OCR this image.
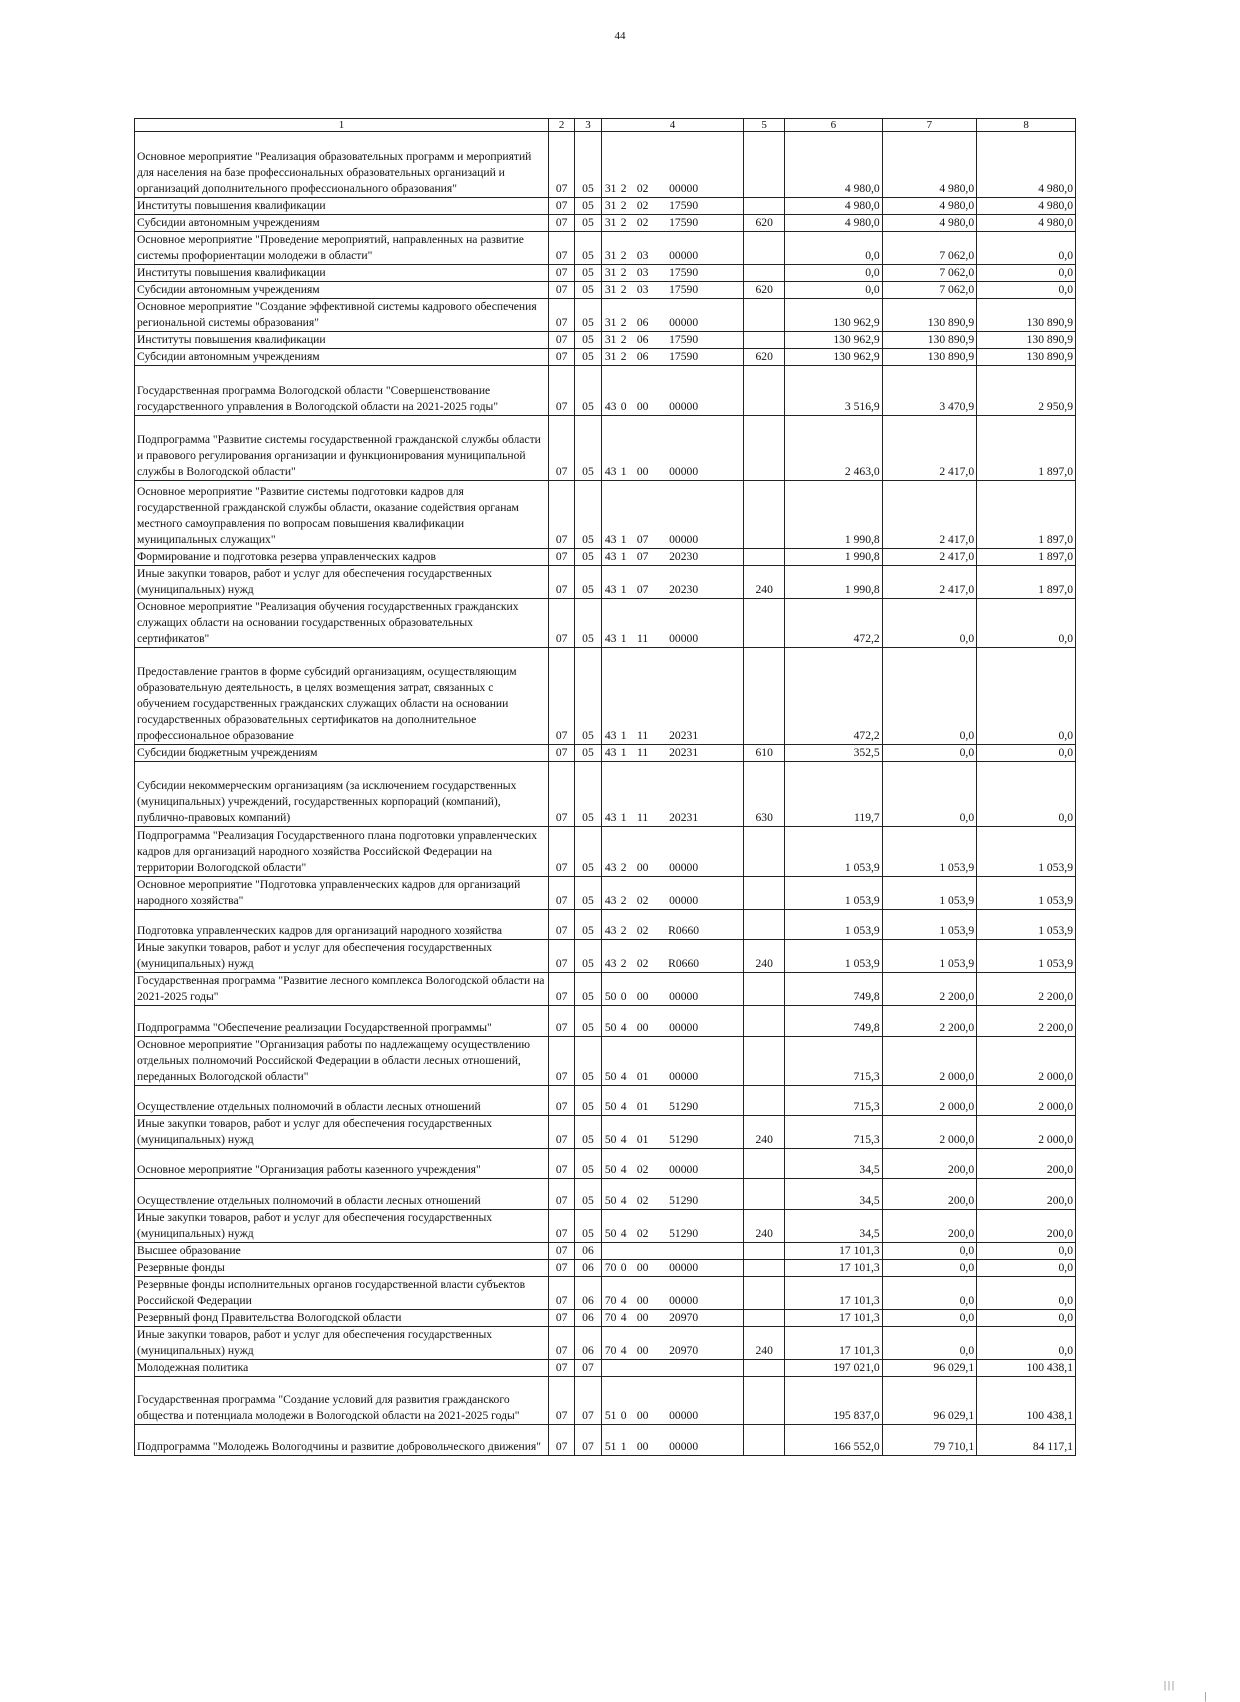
44
1	2	3	4	5	6	7	8
Основное мероприятие "Реализация образовательных программ и мероприятий для населения на базе профессиональных образовательных организаций и организаций дополнительного профессионального образования"	07	05	31 2 02 00000		4 980,0	4 980,0	4 980,0
Институты повышения квалификации	07	05	31 2 02 17590		4 980,0	4 980,0	4 980,0
Субсидии автономным учреждениям	07	05	31 2 02 17590	620	4 980,0	4 980,0	4 980,0
Основное мероприятие "Проведение мероприятий, направленных на развитие системы профориентации молодежи в области"	07	05	31 2 03 00000		0,0	7 062,0	0,0
Институты повышения квалификации	07	05	31 2 03 17590		0,0	7 062,0	0,0
Субсидии автономным учреждениям	07	05	31 2 03 17590	620	0,0	7 062,0	0,0
Основное мероприятие "Создание эффективной системы кадрового обеспечения региональной системы образования"	07	05	31 2 06 00000		130 962,9	130 890,9	130 890,9
Институты повышения квалификации	07	05	31 2 06 17590		130 962,9	130 890,9	130 890,9
Субсидии автономным учреждениям	07	05	31 2 06 17590	620	130 962,9	130 890,9	130 890,9
Государственная программа Вологодской области "Совершенствование государственного управления в Вологодской области на 2021-2025 годы"	07	05	43 0 00 00000		3 516,9	3 470,9	2 950,9
Подпрограмма "Развитие системы государственной гражданской службы области и правового регулирования организации и функционирования муниципальной службы в Вологодской области"	07	05	43 1 00 00000		2 463,0	2 417,0	1 897,0
Основное мероприятие "Развитие системы подготовки кадров для государственной гражданской службы области, оказание содействия органам местного самоуправления по вопросам повышения квалификации муниципальных служащих"	07	05	43 1 07 00000		1 990,8	2 417,0	1 897,0
Формирование и подготовка резерва управленческих кадров	07	05	43 1 07 20230		1 990,8	2 417,0	1 897,0
Иные закупки товаров, работ и услуг для обеспечения государственных (муниципальных) нужд	07	05	43 1 07 20230	240	1 990,8	2 417,0	1 897,0
Основное мероприятие "Реализация обучения государственных гражданских служащих области на основании государственных образовательных сертификатов"	07	05	43 1 11 00000		472,2	0,0	0,0
Предоставление грантов в форме субсидий организациям, осуществляющим образовательную деятельность, в целях возмещения затрат, связанных с обучением государственных гражданских служащих области на основании государственных образовательных сертификатов на дополнительное профессиональное образование	07	05	43 1 11 20231		472,2	0,0	0,0
Субсидии бюджетным учреждениям	07	05	43 1 11 20231	610	352,5	0,0	0,0
Субсидии некоммерческим организациям (за исключением государственных (муниципальных) учреждений, государственных корпораций (компаний), публично-правовых компаний)	07	05	43 1 11 20231	630	119,7	0,0	0,0
Подпрограмма "Реализация Государственного плана подготовки управленческих кадров для организаций народного хозяйства Российской Федерации на территории Вологодской области"	07	05	43 2 00 00000		1 053,9	1 053,9	1 053,9
Основное мероприятие "Подготовка управленческих кадров для организаций народного хозяйства"	07	05	43 2 02 00000		1 053,9	1 053,9	1 053,9
Подготовка управленческих кадров для организаций народного хозяйства	07	05	43 2 02 R0660		1 053,9	1 053,9	1 053,9
Иные закупки товаров, работ и услуг для обеспечения государственных (муниципальных) нужд	07	05	43 2 02 R0660	240	1 053,9	1 053,9	1 053,9
Государственная программа "Развитие лесного комплекса Вологодской области на 2021-2025 годы"	07	05	50 0 00 00000		749,8	2 200,0	2 200,0
Подпрограмма "Обеспечение реализации Государственной программы"	07	05	50 4 00 00000		749,8	2 200,0	2 200,0
Основное мероприятие "Организация работы по надлежащему осуществлению отдельных полномочий Российской Федерации в области лесных отношений, переданных Вологодской области"	07	05	50 4 01 00000		715,3	2 000,0	2 000,0
Осуществление отдельных полномочий в области лесных отношений	07	05	50 4 01 51290		715,3	2 000,0	2 000,0
Иные закупки товаров, работ и услуг для обеспечения государственных (муниципальных) нужд	07	05	50 4 01 51290	240	715,3	2 000,0	2 000,0
Основное мероприятие "Организация работы казенного учреждения"	07	05	50 4 02 00000		34,5	200,0	200,0
Осуществление отдельных полномочий в области лесных отношений	07	05	50 4 02 51290		34,5	200,0	200,0
Иные закупки товаров, работ и услуг для обеспечения государственных (муниципальных) нужд	07	05	50 4 02 51290	240	34,5	200,0	200,0
Высшее образование	07	06			17 101,3	0,0	0,0
Резервные фонды	07	06	70 0 00 00000		17 101,3	0,0	0,0
Резервные фонды исполнительных органов государственной власти субъектов Российской Федерации	07	06	70 4 00 00000		17 101,3	0,0	0,0
Резервный фонд Правительства Вологодской области	07	06	70 4 00 20970		17 101,3	0,0	0,0
Иные закупки товаров, работ и услуг для обеспечения государственных (муниципальных) нужд	07	06	70 4 00 20970	240	17 101,3	0,0	0,0
Молодежная политика	07	07			197 021,0	96 029,1	100 438,1
Государственная программа "Создание условий для развития гражданского общества и потенциала молодежи в Вологодской области на 2021-2025 годы"	07	07	51 0 00 00000		195 837,0	96 029,1	100 438,1
Подпрограмма "Молодежь Вологодчины и развитие добровольческого движения"	07	07	51 1 00 00000		166 552,0	79 710,1	84 117,1
|||         |
